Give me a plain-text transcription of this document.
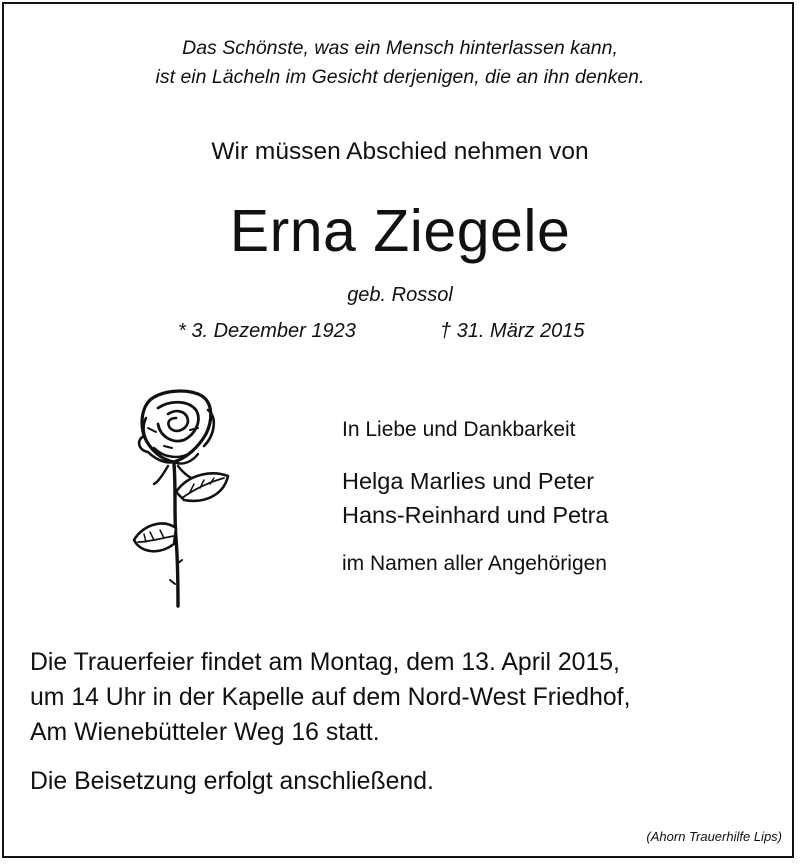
Das Schönste, was ein Mensch hinterlassen kann,
ist ein Lächeln im Gesicht derjenigen, die an ihn denken.
Wir müssen Abschied nehmen von
Erna Ziegele
geb. Rossol
* 3. Dezember 1923	† 31. März 2015
In Liebe und Dankbarkeit
Helga Marlies und Peter
Hans-Reinhard und Petra
im Namen aller Angehörigen
Die Trauerfeier findet am Montag, dem 13. April 2015,
um 14 Uhr in der Kapelle auf dem Nord-West Friedhof,
Am Wienebütteler Weg 16 statt.
Die Beisetzung erfolgt anschließend.
(Ahorn Trauerhilfe Lips)
